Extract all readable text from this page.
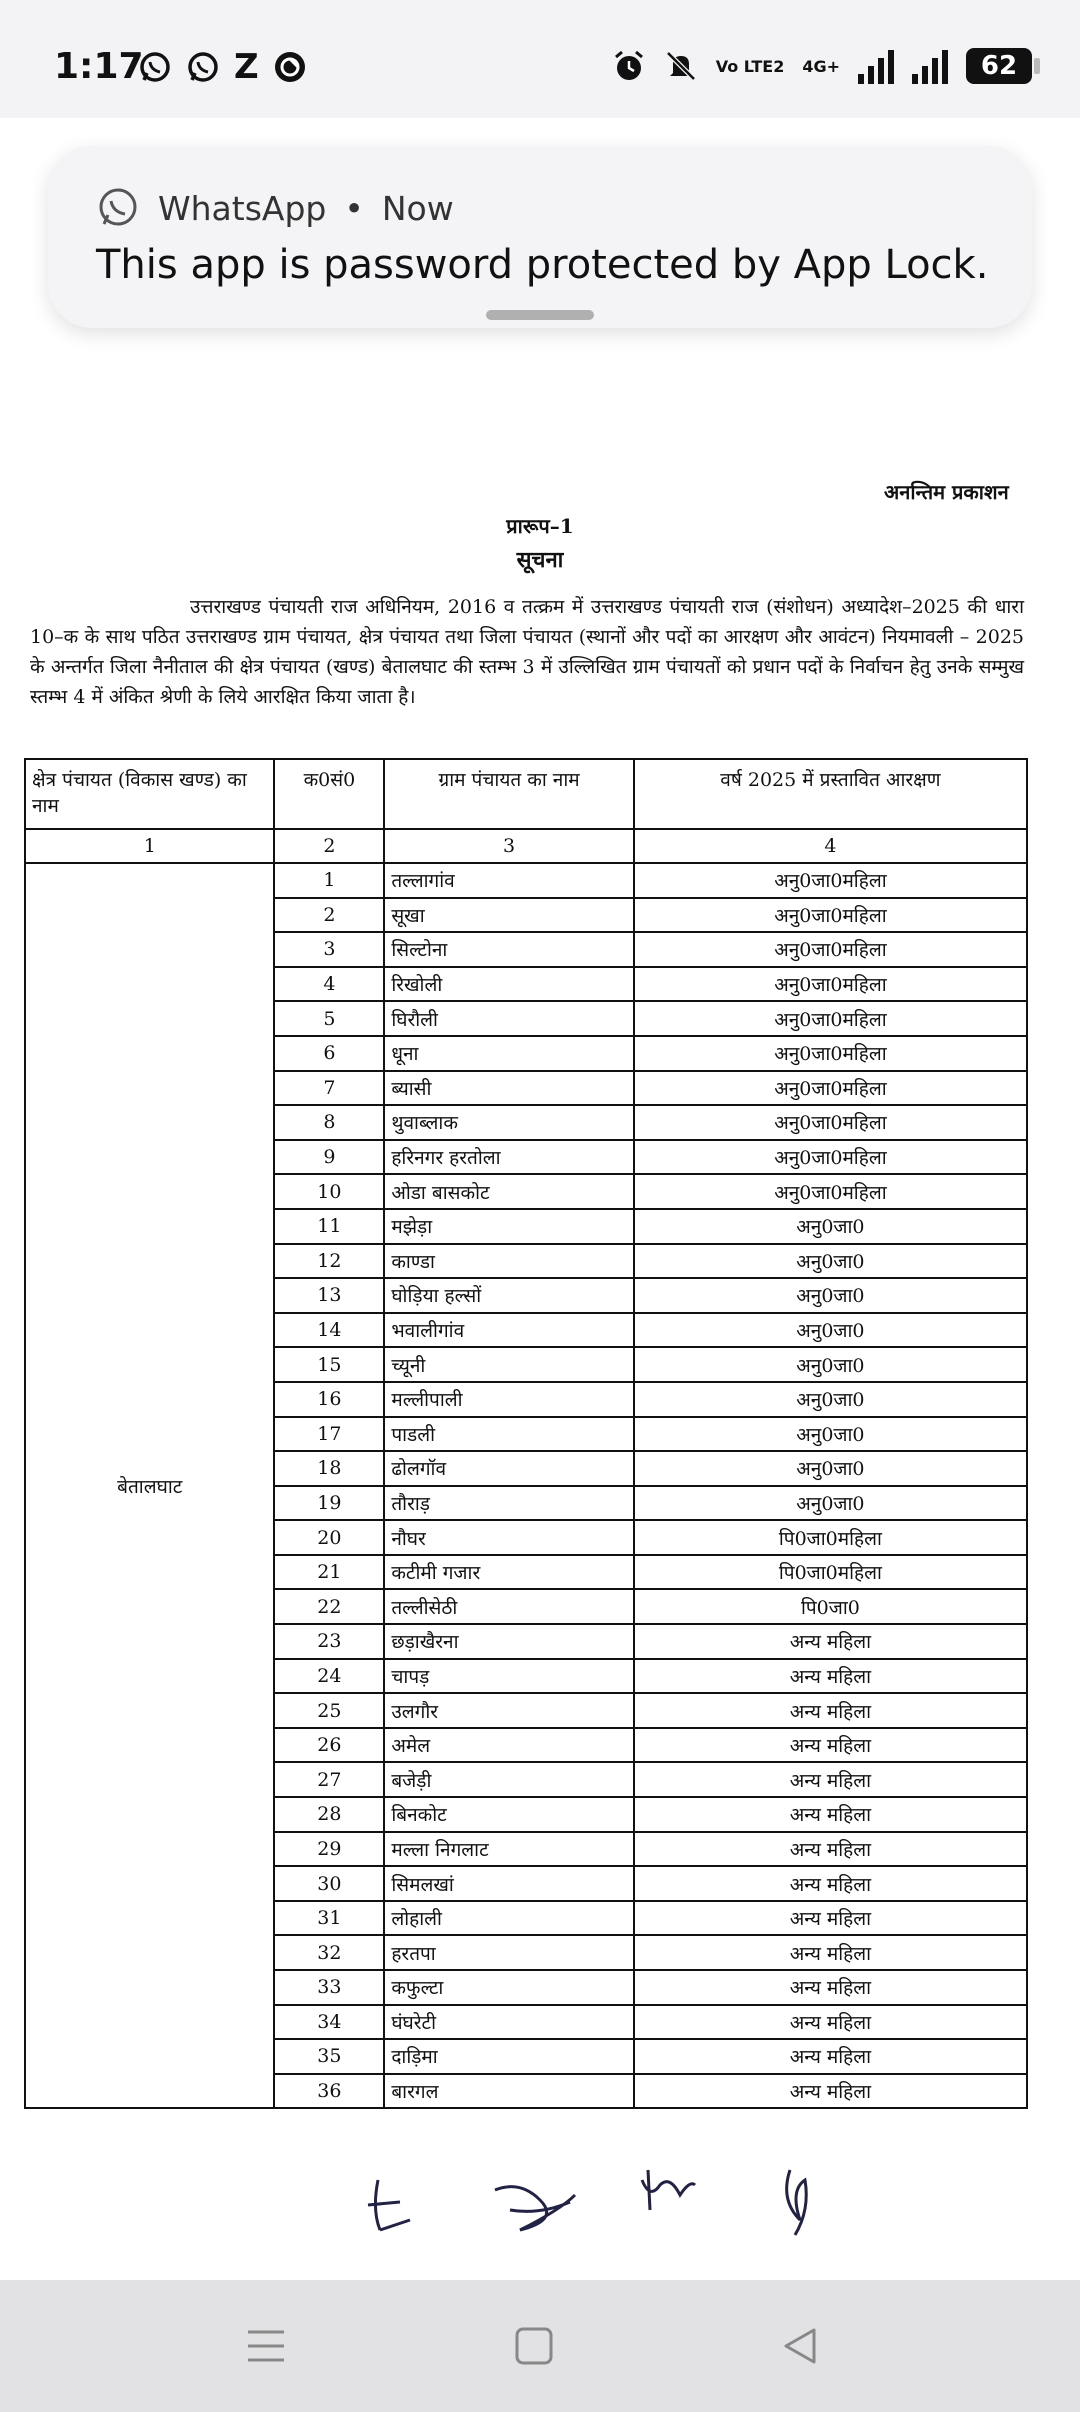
1:17	Z	Vo LTE2 4G+	62
अनन्तिम प्रकाशन
प्रारूप–1
सूचना
उत्तराखण्ड पंचायती राज अधिनियम, 2016 व तत्क्रम में उत्तराखण्ड पंचायती राज (संशोधन) अध्यादेश–2025 की धारा 10–क के साथ पठित उत्तराखण्ड ग्राम पंचायत, क्षेत्र पंचायत तथा जिला पंचायत (स्थानों और पदों का आरक्षण और आवंटन) नियमावली – 2025 के अन्तर्गत जिला नैनीताल की क्षेत्र पंचायत (खण्ड) बेतालघाट की स्तम्भ 3 में उल्लिखित ग्राम पंचायतों को प्रधान पदों के निर्वाचन हेतु उनके सम्मुख स्तम्भ 4 में अंकित श्रेणी के लिये आरक्षित किया जाता है।
क्षेत्र पंचायत (विकास खण्ड) का नाम	क0सं0	ग्राम पंचायत का नाम	वर्ष 2025 में प्रस्तावित आरक्षण
1	2	3	4
बेतालघाट	1	तल्लागांव	अनु0जा0महिला
	2	सूखा	अनु0जा0महिला
	3	सिल्टोना	अनु0जा0महिला
	4	रिखोली	अनु0जा0महिला
	5	घिरौली	अनु0जा0महिला
	6	धूना	अनु0जा0महिला
	7	ब्यासी	अनु0जा0महिला
	8	थुवाब्लाक	अनु0जा0महिला
	9	हरिनगर हरतोला	अनु0जा0महिला
	10	ओडा बासकोट	अनु0जा0महिला
	11	मझेड़ा	अनु0जा0
	12	काण्डा	अनु0जा0
	13	घोड़िया हल्सों	अनु0जा0
	14	भवालीगांव	अनु0जा0
	15	च्यूनी	अनु0जा0
	16	मल्लीपाली	अनु0जा0
	17	पाडली	अनु0जा0
	18	ढोलगॉव	अनु0जा0
	19	तौराड़	अनु0जा0
	20	नौघर	पि0जा0महिला
	21	कटीमी गजार	पि0जा0महिला
	22	तल्लीसेठी	पि0जा0
	23	छड़ाखैरना	अन्य महिला
	24	चापड़	अन्य महिला
	25	उलगौर	अन्य महिला
	26	अमेल	अन्य महिला
	27	बजेड़ी	अन्य महिला
	28	बिनकोट	अन्य महिला
	29	मल्ला निगलाट	अन्य महिला
	30	सिमलखां	अन्य महिला
	31	लोहाली	अन्य महिला
	32	हरतपा	अन्य महिला
	33	कफुल्टा	अन्य महिला
	34	घंघरेटी	अन्य महिला
	35	दाड़िमा	अन्य महिला
	36	बारगल	अन्य महिला
WhatsApp • Now
This app is password protected by App Lock.
